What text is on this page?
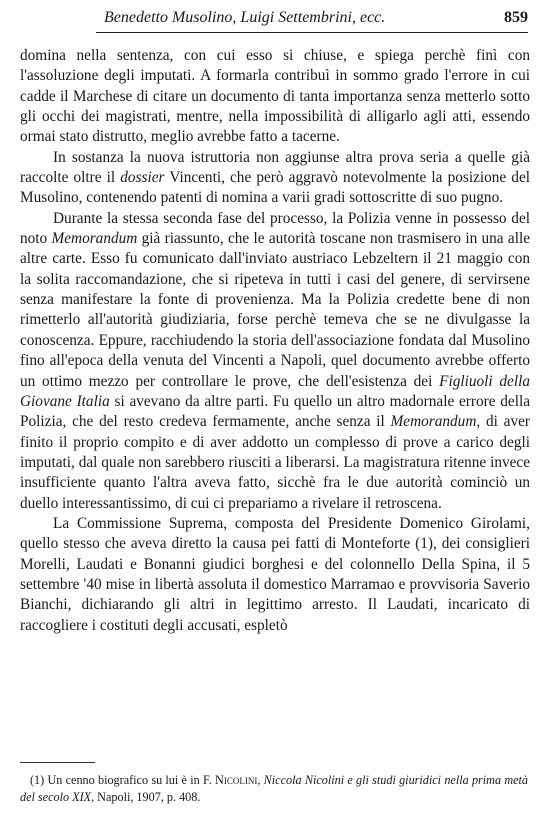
Benedetto Musolino, Luigi Settembrini, ecc.	859

domina nella sentenza, con cui esso si chiuse, e spiega perchè finì con l'assoluzione degli imputati. A formarla contribuì in sommo grado l'errore in cui cadde il Marchese di citare un documento di tanta importanza senza metterlo sotto gli occhi dei magistrati, mentre, nella impossibilità di alligarlo agli atti, essendo ormai stato distrutto, meglio avrebbe fatto a tacerne.

In sostanza la nuova istruttoria non aggiunse altra prova seria a quelle già raccolte oltre il dossier Vincenti, che però aggravò notevolmente la posizione del Musolino, contenendo patenti di nomina a varii gradi sottoscritte di suo pugno.

Durante la stessa seconda fase del processo, la Polizia venne in possesso del noto Memorandum già riassunto, che le autorità toscane non trasmisero in una alle altre carte. Esso fu comunicato dall'inviato austriaco Lebzeltern il 21 maggio con la solita raccomandazione, che si ripeteva in tutti i casi del genere, di servirsene senza manifestare la fonte di provenienza. Ma la Polizia credette bene di non rimetterlo all'autorità giudiziaria, forse perchè temeva che se ne divulgasse la conoscenza. Eppure, racchiudendo la storia dell'associazione fondata dal Musolino fino all'epoca della venuta del Vincenti a Napoli, quel documento avrebbe offerto un ottimo mezzo per controllare le prove, che dell'esistenza dei Figliuoli della Giovane Italia si avevano da altre parti. Fu quello un altro madornale errore della Polizia, che del resto credeva fermamente, anche senza il Memorandum, di aver finito il proprio compito e di aver addotto un complesso di prove a carico degli imputati, dal quale non sarebbero riusciti a liberarsi. La magistratura ritenne invece insufficiente quanto l'altra aveva fatto, sicchè fra le due autorità cominciò un duello interessantissimo, di cui ci prepariamo a rivelare il retroscena.

La Commissione Suprema, composta del Presidente Domenico Girolami, quello stesso che aveva diretto la causa pei fatti di Monteforte (1), dei consiglieri Morelli, Laudati e Bonanni giudici borghesi e del colonnello Della Spina, il 5 settembre '40 mise in libertà assoluta il domestico Marramao e provvisoria Saverio Bianchi, dichiarando gli altri in legittimo arresto. Il Laudati, incaricato di raccogliere i costituti degli accusati, espletò

(1) Un cenno biografico su lui è in F. Nicolini, Niccola Nicolini e gli studi giuridici nella prima metà del secolo XIX, Napoli, 1907, p. 408.
